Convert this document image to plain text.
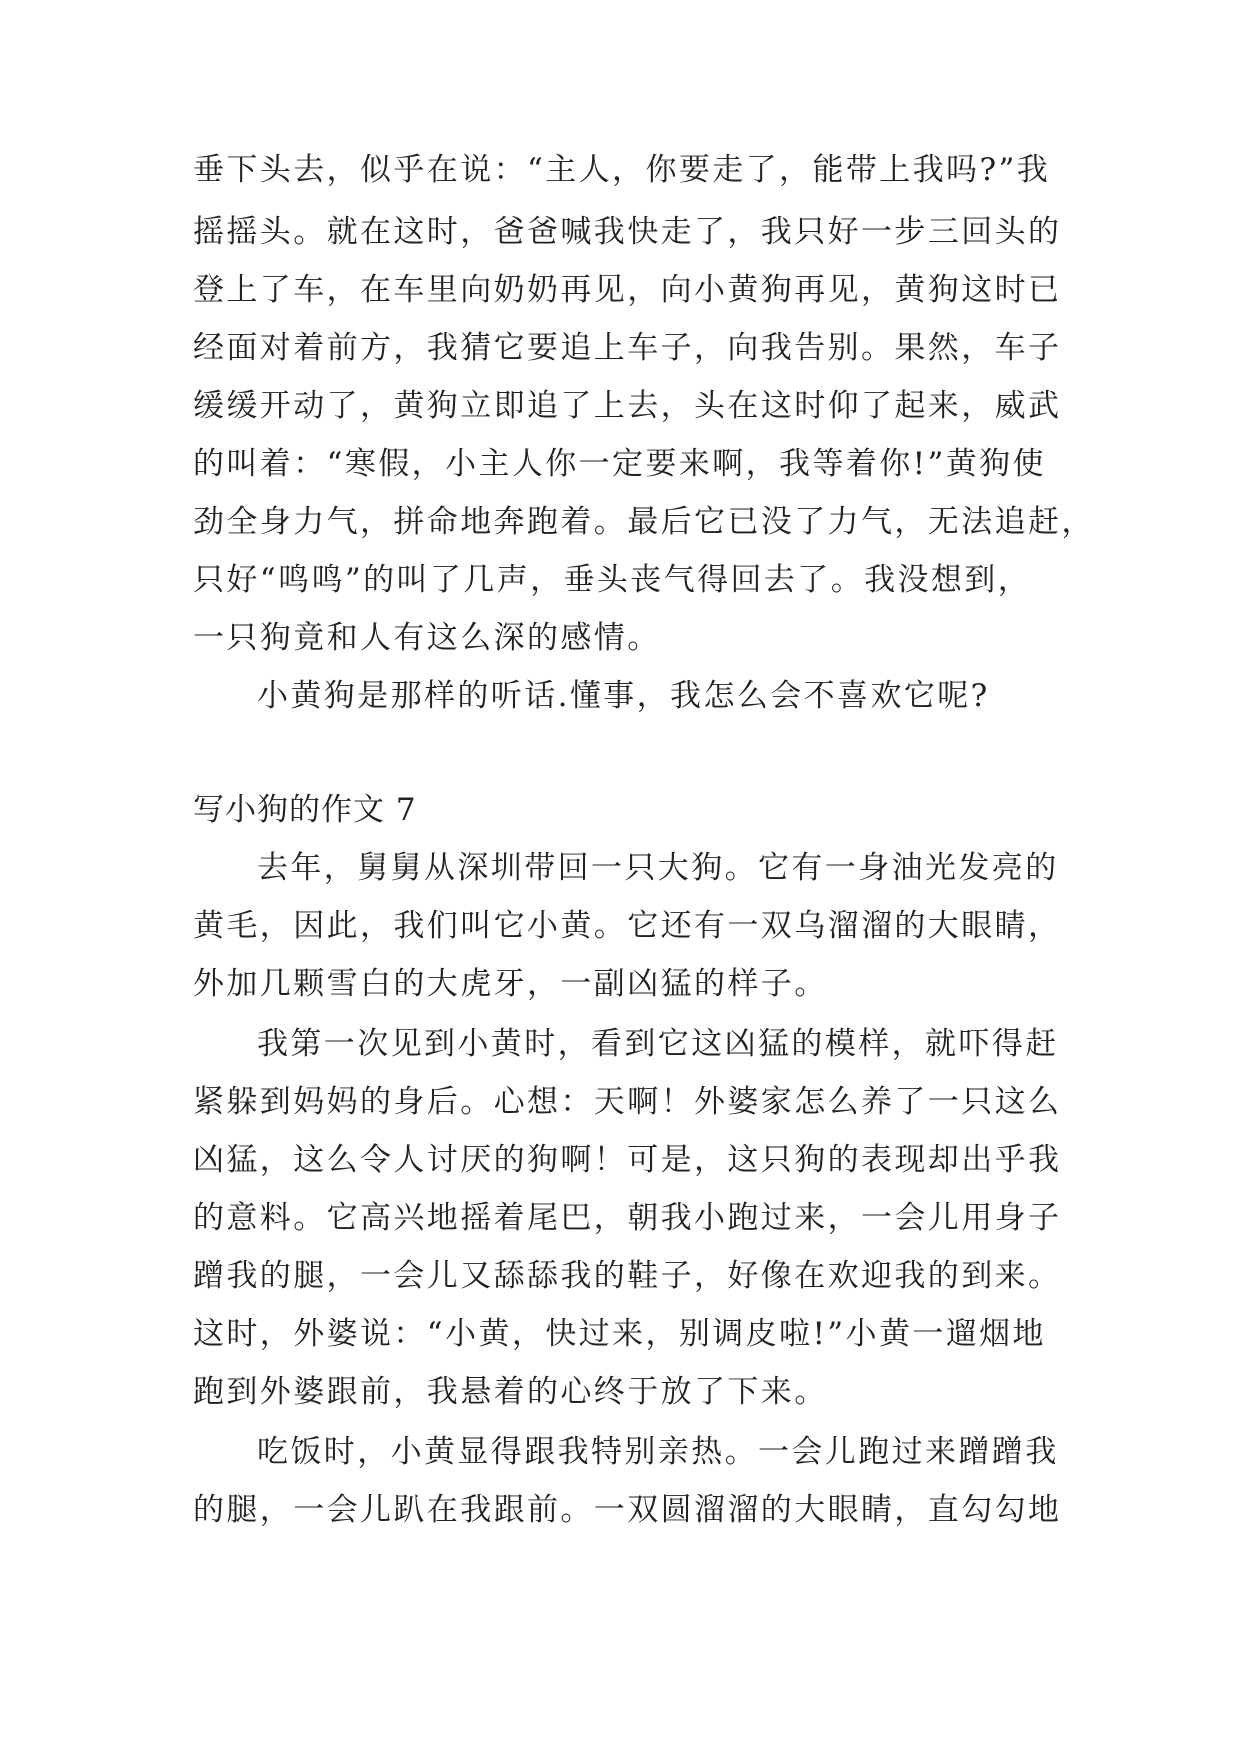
垂下头去，似乎在说：“主人，你要走了，能带上我吗?”我
摇摇头。就在这时，爸爸喊我快走了，我只好一步三回头的
登上了车，在车里向奶奶再见，向小黄狗再见，黄狗这时已
经面对着前方，我猜它要追上车子，向我告别。果然，车子
缓缓开动了，黄狗立即追了上去，头在这时仰了起来，威武
的叫着：“寒假，小主人你一定要来啊，我等着你!”黄狗使
劲全身力气，拼命地奔跑着。最后它已没了力气，无法追赶，
只好“鸣鸣”的叫了几声，垂头丧气得回去了。我没想到，
一只狗竟和人有这么深的感情。
小黄狗是那样的听话.懂事，我怎么会不喜欢它呢?
写小狗的作文 7
去年，舅舅从深圳带回一只大狗。它有一身油光发亮的
黄毛，因此，我们叫它小黄。它还有一双乌溜溜的大眼睛，
外加几颗雪白的大虎牙，一副凶猛的样子。
我第一次见到小黄时，看到它这凶猛的模样，就吓得赶
紧躲到妈妈的身后。心想：天啊！外婆家怎么养了一只这么
凶猛，这么令人讨厌的狗啊！可是，这只狗的表现却出乎我
的意料。它高兴地摇着尾巴，朝我小跑过来，一会儿用身子
蹭我的腿，一会儿又舔舔我的鞋子，好像在欢迎我的到来。
这时，外婆说：“小黄，快过来，别调皮啦!”小黄一遛烟地
跑到外婆跟前，我悬着的心终于放了下来。
吃饭时，小黄显得跟我特别亲热。一会儿跑过来蹭蹭我
的腿，一会儿趴在我跟前。一双圆溜溜的大眼睛，直勾勾地
